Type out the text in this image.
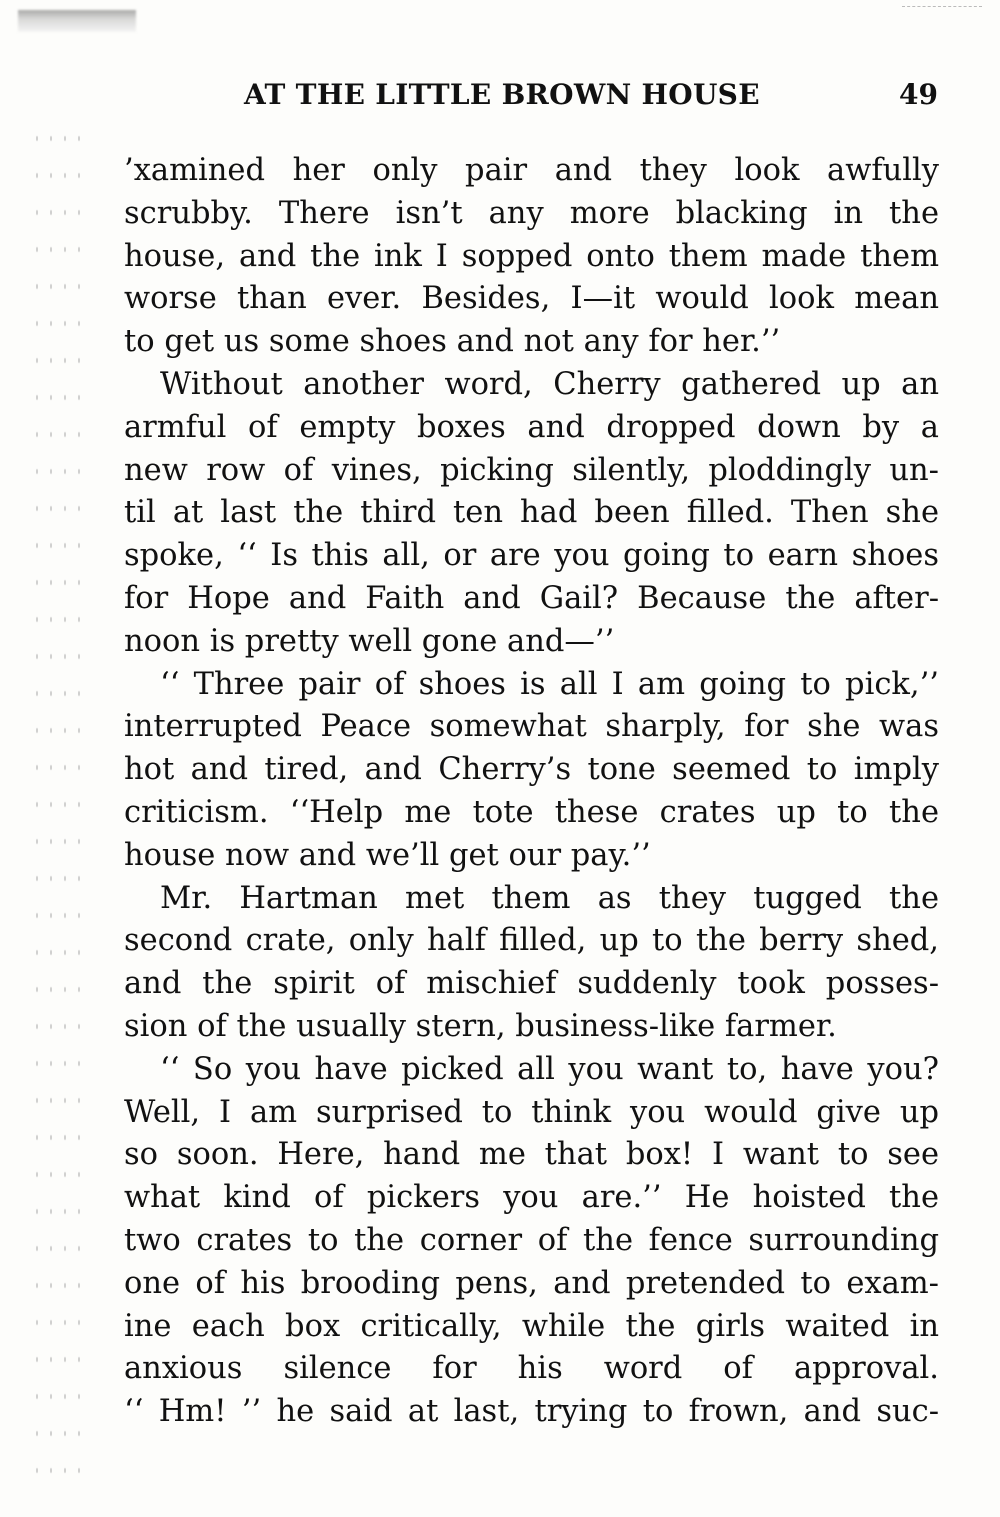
AT THE LITTLE BROWN HOUSE	49
’xamined her only pair and they look awfully
scrubby. There isn’t any more blacking in the
house, and the ink I sopped onto them made them
worse than ever. Besides, I—it would look mean
to get us some shoes and not any for her.’’
Without another word, Cherry gathered up an
armful of empty boxes and dropped down by a
new row of vines, picking silently, ploddingly un-
til at last the third ten had been filled. Then she
spoke, ‘‘ Is this all, or are you going to earn shoes
for Hope and Faith and Gail? Because the after-
noon is pretty well gone and—’’
‘‘ Three pair of shoes is all I am going to pick,’’
interrupted Peace somewhat sharply, for she was
hot and tired, and Cherry’s tone seemed to imply
criticism. ‘‘Help me tote these crates up to the
house now and we’ll get our pay.’’
Mr. Hartman met them as they tugged the
second crate, only half filled, up to the berry shed,
and the spirit of mischief suddenly took posses-
sion of the usually stern, business-like farmer.
‘‘ So you have picked all you want to, have you?
Well, I am surprised to think you would give up
so soon. Here, hand me that box! I want to see
what kind of pickers you are.’’ He hoisted the
two crates to the corner of the fence surrounding
one of his brooding pens, and pretended to exam-
ine each box critically, while the girls waited in
anxious silence for his word of approval.
‘‘ Hm! ’’ he said at last, trying to frown, and suc-
